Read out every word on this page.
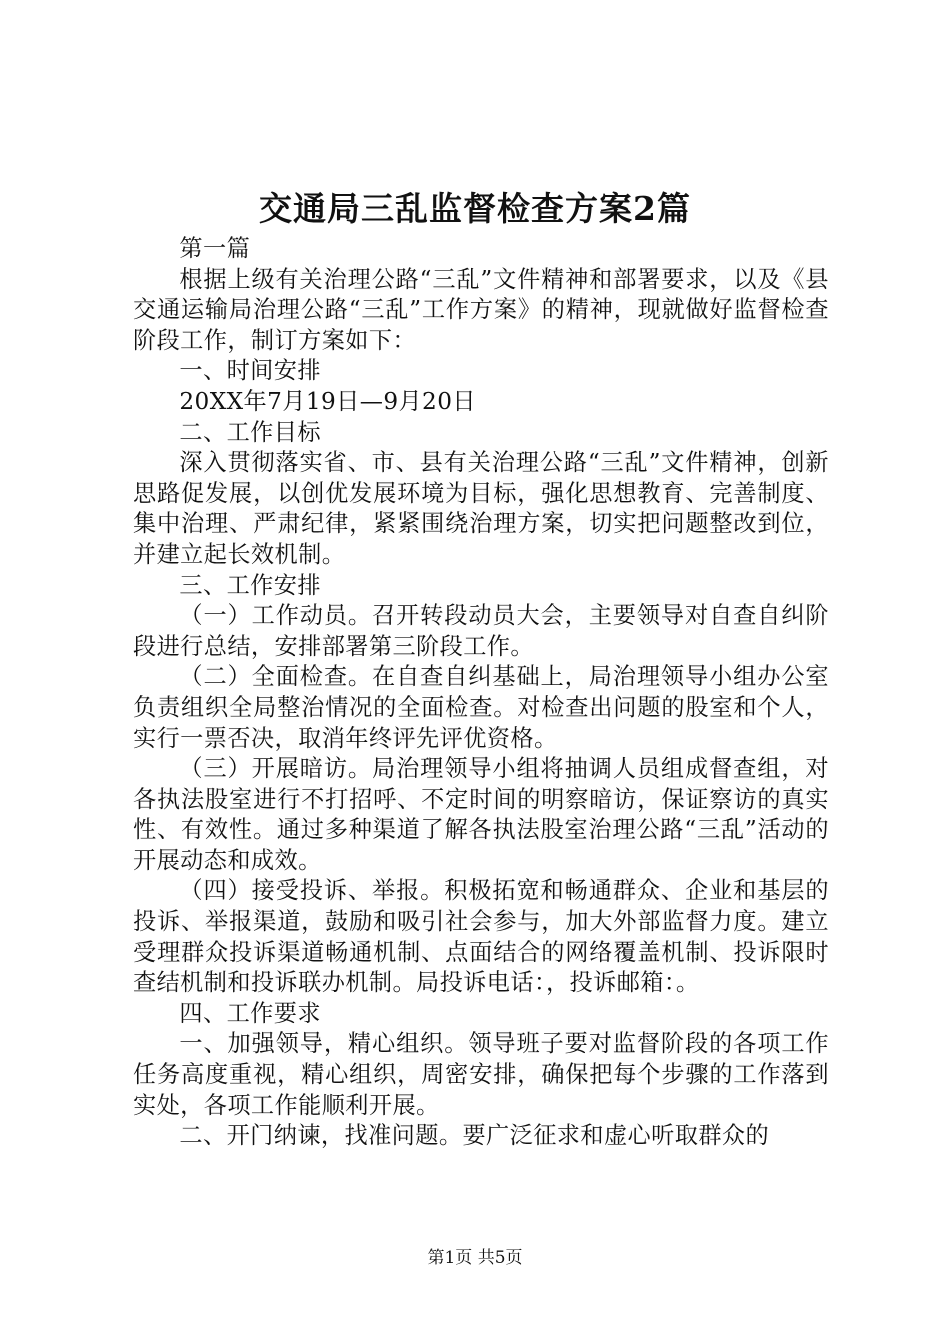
交通局三乱监督检查方案2篇

第一篇

根据上级有关治理公路“三乱”文件精神和部署要求，以及《县交通运输局治理公路“三乱”工作方案》的精神，现就做好监督检查阶段工作，制订方案如下：

一、时间安排

20XX年7月19日—9月20日

二、工作目标

深入贯彻落实省、市、县有关治理公路“三乱”文件精神，创新思路促发展，以创优发展环境为目标，强化思想教育、完善制度、集中治理、严肃纪律，紧紧围绕治理方案，切实把问题整改到位，并建立起长效机制。

三、工作安排

（一）工作动员。召开转段动员大会，主要领导对自查自纠阶段进行总结，安排部署第三阶段工作。

（二）全面检查。在自查自纠基础上，局治理领导小组办公室负责组织全局整治情况的全面检查。对检查出问题的股室和个人，实行一票否决，取消年终评先评优资格。

（三）开展暗访。局治理领导小组将抽调人员组成督查组，对各执法股室进行不打招呼、不定时间的明察暗访，保证察访的真实性、有效性。通过多种渠道了解各执法股室治理公路“三乱”活动的开展动态和成效。

（四）接受投诉、举报。积极拓宽和畅通群众、企业和基层的投诉、举报渠道，鼓励和吸引社会参与，加大外部监督力度。建立受理群众投诉渠道畅通机制、点面结合的网络覆盖机制、投诉限时查结机制和投诉联办机制。局投诉电话：，投诉邮箱：。

四、工作要求

一、加强领导，精心组织。领导班子要对监督阶段的各项工作任务高度重视，精心组织，周密安排，确保把每个步骤的工作落到实处，各项工作能顺利开展。

二、开门纳谏，找准问题。要广泛征求和虚心听取群众的

第1页 共5页
